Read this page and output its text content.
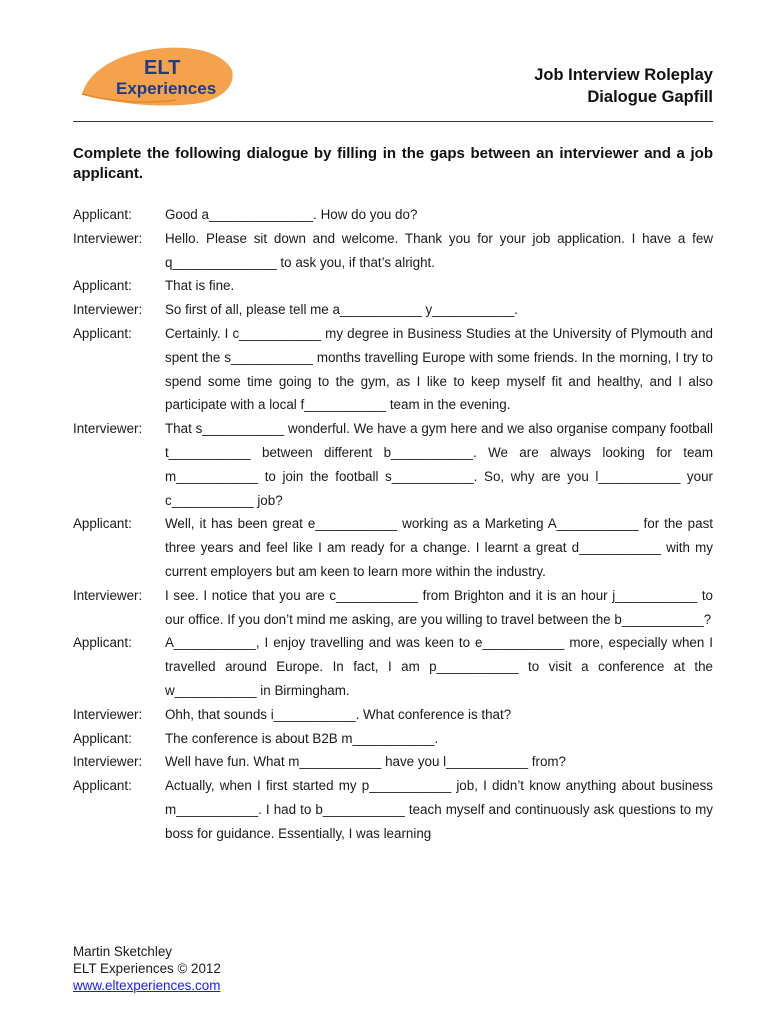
ELT
Experiences
Job Interview Roleplay
Dialogue Gapfill
Complete the following dialogue by filling in the gaps between an interviewer and a job applicant.
Applicant:	Good a______________. How do you do?
Interviewer:	Hello. Please sit down and welcome. Thank you for your job application. I have a few q______________ to ask you, if that’s alright.
Applicant:	That is fine.
Interviewer:	So first of all, please tell me a___________ y___________.
Applicant:	Certainly. I c___________ my degree in Business Studies at the University of Plymouth and spent the s___________ months travelling Europe with some friends. In the morning, I try to spend some time going to the gym, as I like to keep myself fit and healthy, and I also participate with a local f___________ team in the evening.
Interviewer:	That s___________ wonderful. We have a gym here and we also organise company football t___________ between different b___________. We are always looking for team m___________ to join the football s___________. So, why are you l___________ your c___________ job?
Applicant:	Well, it has been great e___________ working as a Marketing A___________ for the past three years and feel like I am ready for a change. I learnt a great d___________ with my current employers but am keen to learn more within the industry.
Interviewer:	I see. I notice that you are c___________ from Brighton and it is an hour j___________ to our office. If you don’t mind me asking, are you willing to travel between the b___________?
Applicant:	A___________, I enjoy travelling and was keen to e___________ more, especially when I travelled around Europe. In fact, I am p___________ to visit a conference at the w___________ in Birmingham.
Interviewer:	Ohh, that sounds i___________. What conference is that?
Applicant:	The conference is about B2B m___________.
Interviewer:	Well have fun. What m___________ have you l___________ from?
Applicant:	Actually, when I first started my p___________ job, I didn’t know anything about business m___________. I had to b___________ teach myself and continuously ask questions to my boss for guidance. Essentially, I was learning
Martin Sketchley
ELT Experiences © 2012
www.eltexperiences.com
